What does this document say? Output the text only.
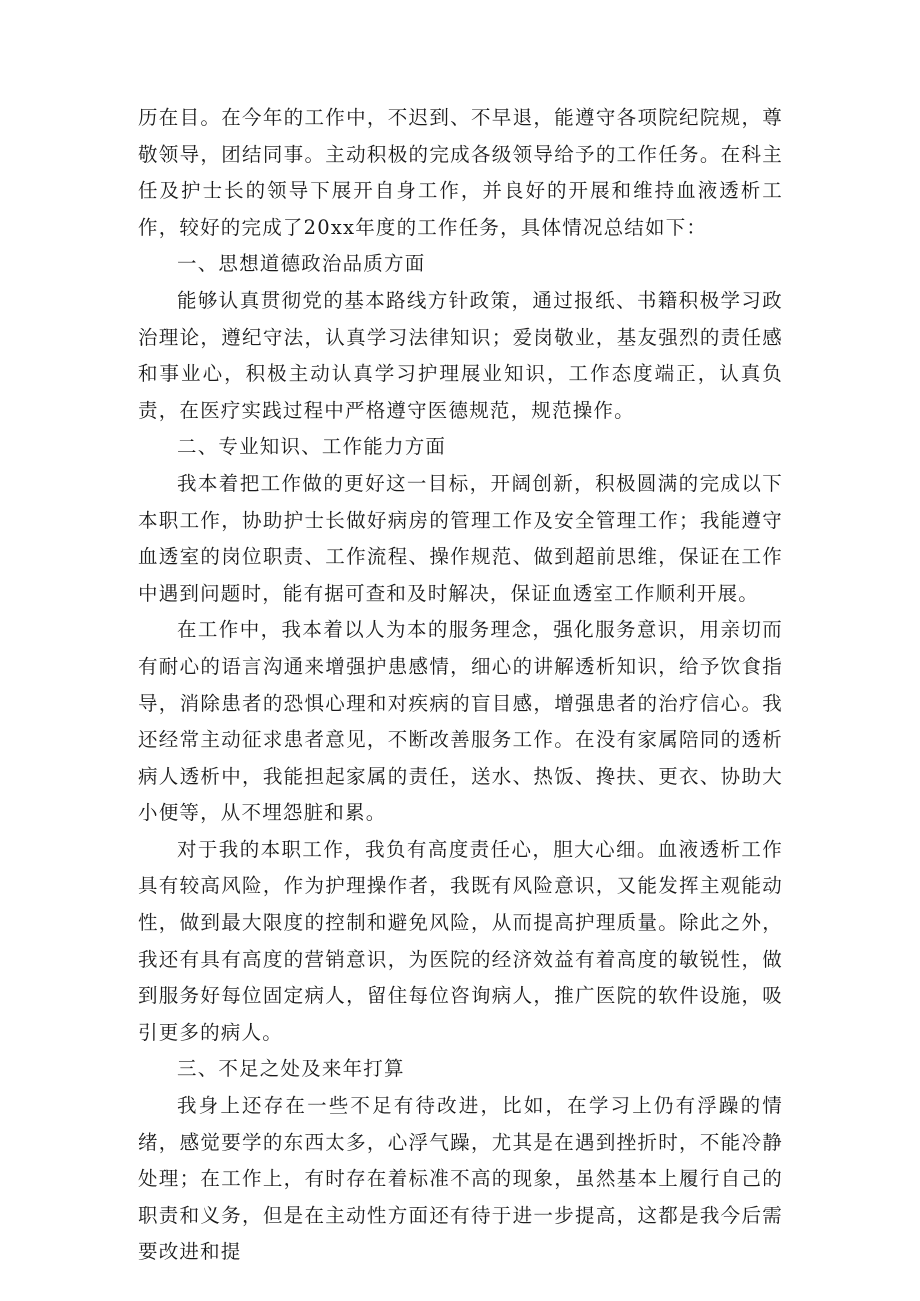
历在目。在今年的工作中，不迟到、不早退，能遵守各项院纪院规，尊敬领导，团结同事。主动积极的完成各级领导给予的工作任务。在科主任及护士长的领导下展开自身工作，并良好的开展和维持血液透析工作，较好的完成了20xx年度的工作任务，具体情况总结如下：

一、思想道德政治品质方面

能够认真贯彻党的基本路线方针政策，通过报纸、书籍积极学习政治理论，遵纪守法，认真学习法律知识；爱岗敬业，基友强烈的责任感和事业心，积极主动认真学习护理展业知识，工作态度端正，认真负责，在医疗实践过程中严格遵守医德规范，规范操作。

二、专业知识、工作能力方面

我本着把工作做的更好这一目标，开阔创新，积极圆满的完成以下本职工作，协助护士长做好病房的管理工作及安全管理工作；我能遵守血透室的岗位职责、工作流程、操作规范、做到超前思维，保证在工作中遇到问题时，能有据可查和及时解决，保证血透室工作顺利开展。

在工作中，我本着以人为本的服务理念，强化服务意识，用亲切而有耐心的语言沟通来增强护患感情，细心的讲解透析知识，给予饮食指导，消除患者的恐惧心理和对疾病的盲目感，增强患者的治疗信心。我还经常主动征求患者意见，不断改善服务工作。在没有家属陪同的透析病人透析中，我能担起家属的责任，送水、热饭、搀扶、更衣、协助大小便等，从不埋怨脏和累。

对于我的本职工作，我负有高度责任心，胆大心细。血液透析工作具有较高风险，作为护理操作者，我既有风险意识，又能发挥主观能动性，做到最大限度的控制和避免风险，从而提高护理质量。除此之外，我还有具有高度的营销意识，为医院的经济效益有着高度的敏锐性，做到服务好每位固定病人，留住每位咨询病人，推广医院的软件设施，吸引更多的病人。

三、不足之处及来年打算

我身上还存在一些不足有待改进，比如，在学习上仍有浮躁的情绪，感觉要学的东西太多，心浮气躁，尤其是在遇到挫折时，不能冷静处理；在工作上，有时存在着标准不高的现象，虽然基本上履行自己的职责和义务，但是在主动性方面还有待于进一步提高，这都是我今后需要改进和提
